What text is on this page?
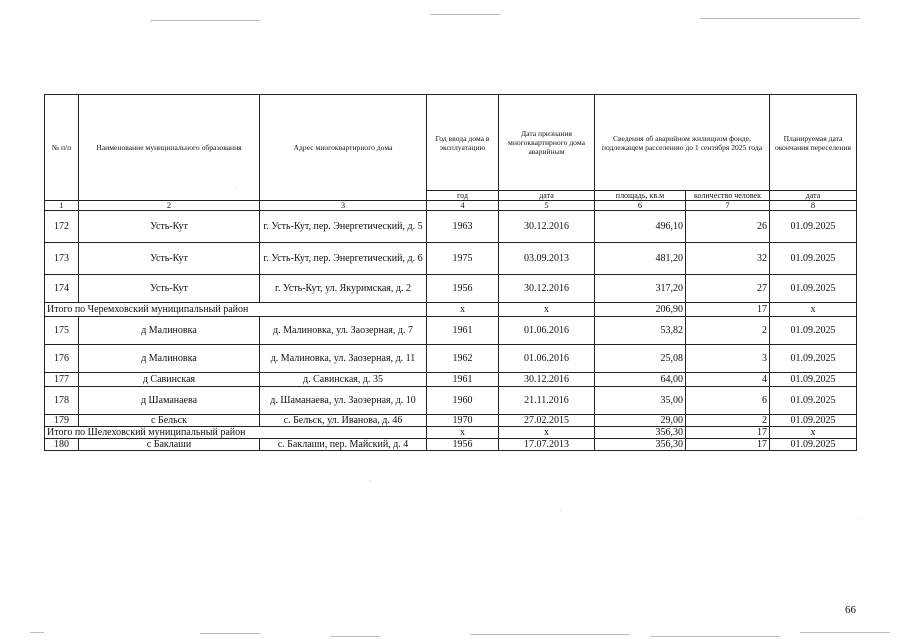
№ п/п	Наименование муниципального образования	Адрес многоквартирного дома	Год ввода дома в эксплуатацию	Дата признания многоквартирного дома аварийным	Сведения об аварийном жилищном фонде, подлежащем расселению до 1 сентября 2025 года		Планируемая дата окончания переселения
			год	дата	площадь, кв.м	количество человек	дата
1	2	3	4	5	6	7	8
172	Усть-Кут	г. Усть-Кут, пер. Энергетический, д. 5	1963	30.12.2016	496,10	26	01.09.2025
173	Усть-Кут	г. Усть-Кут, пер. Энергетический, д. 6	1975	03.09.2013	481,20	32	01.09.2025
174	Усть-Кут	г. Усть-Кут, ул. Якуримская, д. 2	1956	30.12.2016	317,20	27	01.09.2025
Итого по Черемховский муниципальный район			x	x	206,90	17	x
175	д Малиновка	д. Малиновка, ул. Заозерная, д. 7	1961	01.06.2016	53,82	2	01.09.2025
176	д Малиновка	д. Малиновка, ул. Заозерная, д. 11	1962	01.06.2016	25,08	3	01.09.2025
177	д Савинская	д. Савинская, д. 35	1961	30.12.2016	64,00	4	01.09.2025
178	д Шаманаева	д. Шаманаева, ул. Заозерная, д. 10	1960	21.11.2016	35,00	6	01.09.2025
179	с Бельск	с. Бельск, ул. Иванова, д. 46	1970	27.02.2015	29,00	2	01.09.2025
Итого по Шелеховский муниципальный район			x	x	356,30	17	x
180	с Баклаши	с. Баклаши, пер. Майский, д. 4	1956	17.07.2013	356,30	17	01.09.2025
66
